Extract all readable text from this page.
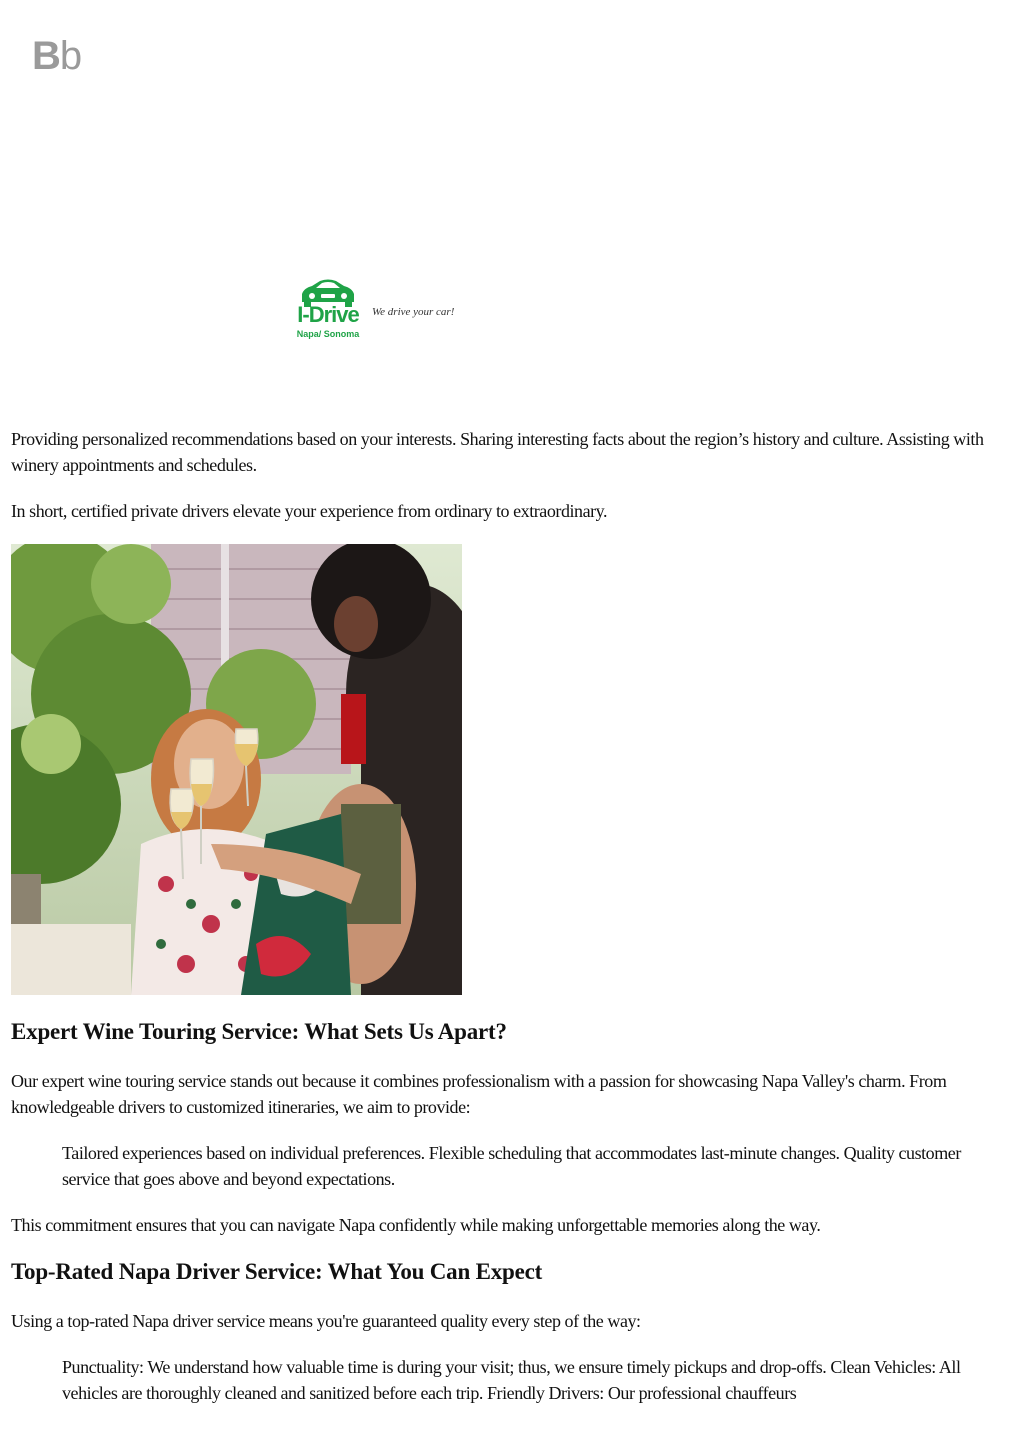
Bb
I-Drive
Napa/ Sonoma
We drive your car!

Providing personalized recommendations based on your interests. Sharing interesting facts about the region’s history and culture. Assisting with winery appointments and schedules.

In short, certified private drivers elevate your experience from ordinary to extraordinary.

Expert Wine Touring Service: What Sets Us Apart?

Our expert wine touring service stands out because it combines professionalism with a passion for showcasing Napa Valley's charm. From knowledgeable drivers to customized itineraries, we aim to provide:

Tailored experiences based on individual preferences. Flexible scheduling that accommodates last-minute changes. Quality customer service that goes above and beyond expectations.

This commitment ensures that you can navigate Napa confidently while making unforgettable memories along the way.

Top-Rated Napa Driver Service: What You Can Expect

Using a top-rated Napa driver service means you're guaranteed quality every step of the way:

Punctuality: We understand how valuable time is during your visit; thus, we ensure timely pickups and drop-offs. Clean Vehicles: All vehicles are thoroughly cleaned and sanitized before each trip. Friendly Drivers: Our professional chauffeurs
